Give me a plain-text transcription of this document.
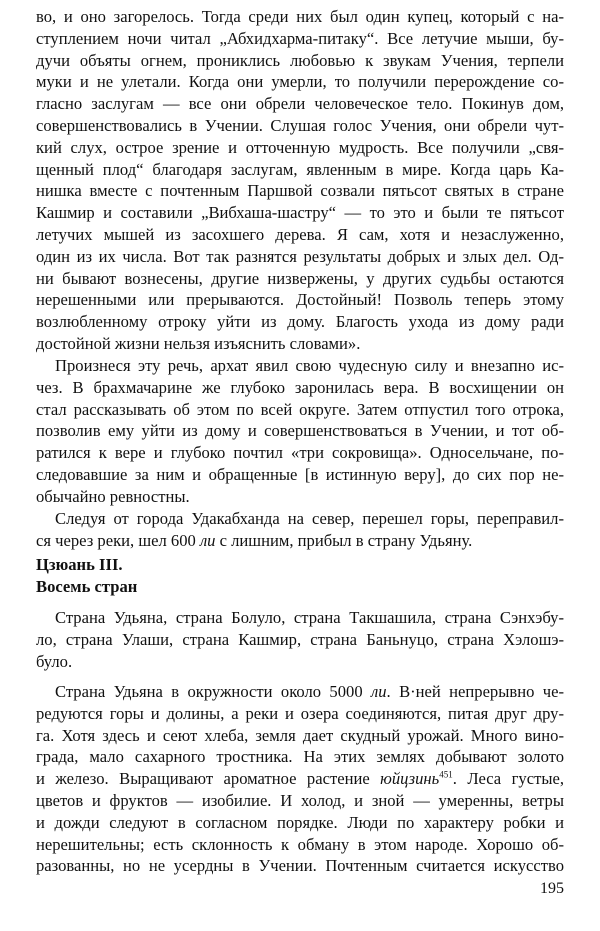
во, и оно загорелось. Тогда среди них был один купец, который с на-
ступлением ночи читал „Абхидхарма-питаку“. Все летучие мыши, бу-
дучи объяты огнем, прониклись любовью к звукам Учения, терпели
муки и не улетали. Когда они умерли, то получили перерождение со-
гласно заслугам — все они обрели человеческое тело. Покинув дом,
совершенствовались в Учении. Слушая голос Учения, они обрели чут-
кий слух, острое зрение и отточенную мудрость. Все получили „свя-
щенный плод“ благодаря заслугам, явленным в мире. Когда царь Ка-
нишка вместе с почтенным Паршвой созвали пятьсот святых в стране
Кашмир и составили „Вибхаша-шастру“ — то это и были те пятьсот
летучих мышей из засохшего дерева. Я сам, хотя и незаслуженно,
один из их числа. Вот так разнятся результаты добрых и злых дел. Од-
ни бывают вознесены, другие низвержены, у других судьбы остаются
нерешенными или прерываются. Достойный! Позволь теперь этому
возлюбленному отроку уйти из дому. Благость ухода из дому ради
достойной жизни нельзя изъяснить словами».
Произнеся эту речь, архат явил свою чудесную силу и внезапно ис-
чез. В брахмачарине же глубоко заронилась вера. В восхищении он
стал рассказывать об этом по всей округе. Затем отпустил того отрока,
позволив ему уйти из дому и совершенствоваться в Учении, и тот об-
ратился к вере и глубоко почтил «три сокровища». Односельчане, по-
следовавшие за ним и обращенные [в истинную веру], до сих пор не-
обычайно ревностны.
Следуя от города Удакабханда на север, перешел горы, переправил-
ся через реки, шел 600 ли с лишним, прибыл в страну Удьяну.
Цзюань III.
Восемь стран
Страна Удьяна, страна Болуло, страна Такшашила, страна Сэнхэбу-
ло, страна Улаши, страна Кашмир, страна Баньнуцо, страна Хэлошэ-
було.
Страна Удьяна в окружности около 5000 ли. В·ней непрерывно че-
редуются горы и долины, а реки и озера соединяются, питая друг дру-
га. Хотя здесь и сеют хлеба, земля дает скудный урожай. Много вино-
града, мало сахарного тростника. На этих землях добывают золото
и железо. Выращивают ароматное растение юйцзинь$^{451}$. Леса густые,
цветов и фруктов — изобилие. И холод, и зной — умеренны, ветры
и дожди следуют в согласном порядке. Люди по характеру робки и
нерешительны; есть склонность к обману в этом народе. Хорошо об-
разованны, но не усердны в Учении. Почтенным считается искусство
195
